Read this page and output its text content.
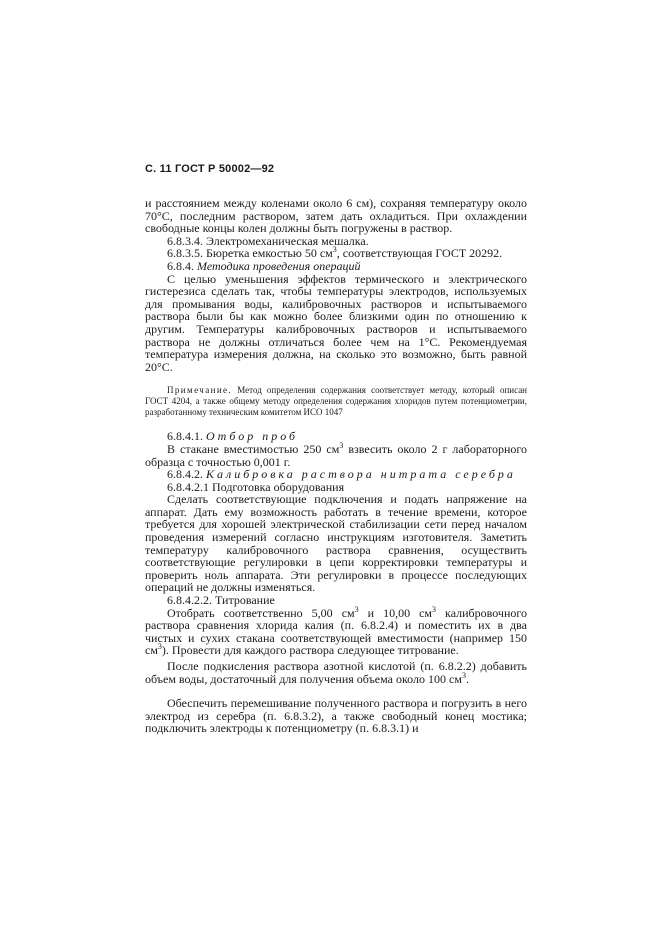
С. 11 ГОСТ Р 50002—92

и расстоянием между коленами около 6 см), сохраняя температуру около 70°С, последним раствором, затем дать охладиться. При охлаждении свободные концы колен должны быть погружены в раствор.

6.8.3.4. Электромеханическая мешалка.

6.8.3.5. Бюретка емкостью 50 $см^3$, соответствующая ГОСТ 20292.

6.8.4. Методика проведения операций

С целью уменьшения эффектов термического и электрического гистерезиса сделать так, чтобы температуры электродов, используемых для промывания воды, калибровочных растворов и испытываемого раствора были бы как можно более близкими один по отношению к другим. Температуры калибровочных растворов и испытываемого раствора не должны отличаться более чем на 1°С. Рекомендуемая температура измерения должна, на сколько это возможно, быть равной 20°С.

Примечание. Метод определения содержания соответствует методу, который описан ГОСТ 4204, а также общему методу определения содержания хлоридов путем потенциометрии, разработанному техническим комитетом ИСО 1047

6.8.4.1. Отбор проб

В стакане вместимостью 250 $см^3$ взвесить около 2 г лабораторного образца с точностью 0,001 г.

6.8.4.2. Калибровка раствора нитрата серебра

6.8.4.2.1 Подготовка оборудования

Сделать соответствующие подключения и подать напряжение на аппарат. Дать ему возможность работать в течение времени, которое требуется для хорошей электрической стабилизации сети перед началом проведения измерений согласно инструкциям изготовителя. Заметить температуру калибровочного раствора сравнения, осуществить соответствующие регулировки в цепи корректировки температуры и проверить ноль аппарата. Эти регулировки в процессе последующих операций не должны изменяться.

6.8.4.2.2. Титрование

Отобрать соответственно 5,00 $см^3$ и 10,00 $см^3$ калибровочного раствора сравнения хлорида калия (п. 6.8.2.4) и поместить их в два чистых и сухих стакана соответствующей вместимости (например 150 $см^3$). Провести для каждого раствора следующее титрование.

После подкисления раствора азотной кислотой (п. 6.8.2.2) добавить объем воды, достаточный для получения объема около 100 $см^3$.

Обеспечить перемешивание полученного раствора и погрузить в него электрод из серебра (п. 6.8.3.2), а также свободный конец мостика; подключить электроды к потенциометру (п. 6.8.3.1) и
